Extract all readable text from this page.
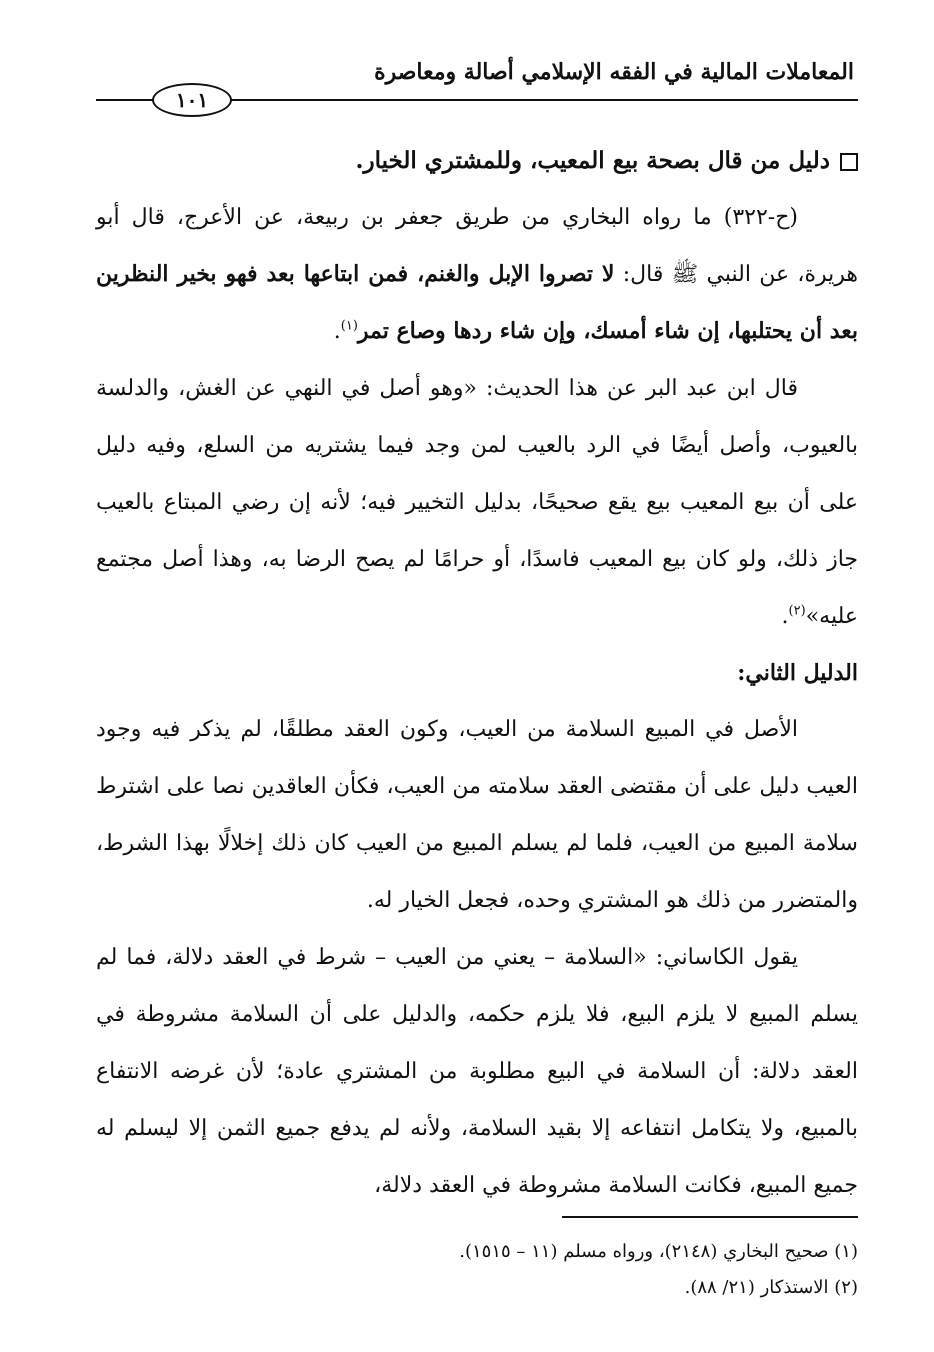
المعاملات المالية في الفقه الإسلامي أصالة ومعاصرة
١٠١
دليل من قال بصحة بيع المعيب، وللمشتري الخيار.

(ح-٣٢٢) ما رواه البخاري من طريق جعفر بن ربيعة، عن الأعرج، قال أبو هريرة، عن النبي ﷺ قال: لا تصروا الإبل والغنم، فمن ابتاعها بعد فهو بخير النظرين بعد أن يحتلبها، إن شاء أمسك، وإن شاء ردها وصاع تمر$^{(١)}$.

قال ابن عبد البر عن هذا الحديث: «وهو أصل في النهي عن الغش، والدلسة بالعيوب، وأصل أيضًا في الرد بالعيب لمن وجد فيما يشتريه من السلع، وفيه دليل على أن بيع المعيب بيع يقع صحيحًا، بدليل التخيير فيه؛ لأنه إن رضي المبتاع بالعيب جاز ذلك، ولو كان بيع المعيب فاسدًا، أو حرامًا لم يصح الرضا به، وهذا أصل مجتمع عليه»$^{(٢)}$.

الدليل الثاني:

الأصل في المبيع السلامة من العيب، وكون العقد مطلقًا، لم يذكر فيه وجود العيب دليل على أن مقتضى العقد سلامته من العيب، فكأن العاقدين نصا على اشترط سلامة المبيع من العيب، فلما لم يسلم المبيع من العيب كان ذلك إخلالًا بهذا الشرط، والمتضرر من ذلك هو المشتري وحده، فجعل الخيار له.

يقول الكاساني: «السلامة – يعني من العيب – شرط في العقد دلالة، فما لم يسلم المبيع لا يلزم البيع، فلا يلزم حكمه، والدليل على أن السلامة مشروطة في العقد دلالة: أن السلامة في البيع مطلوبة من المشتري عادة؛ لأن غرضه الانتفاع بالمبيع، ولا يتكامل انتفاعه إلا بقيد السلامة، ولأنه لم يدفع جميع الثمن إلا ليسلم له جميع المبيع، فكانت السلامة مشروطة في العقد دلالة،

(١) صحيح البخاري (٢١٤٨)، ورواه مسلم (١١ – ١٥١٥).
(٢) الاستذكار (٢١/ ٨٨).
